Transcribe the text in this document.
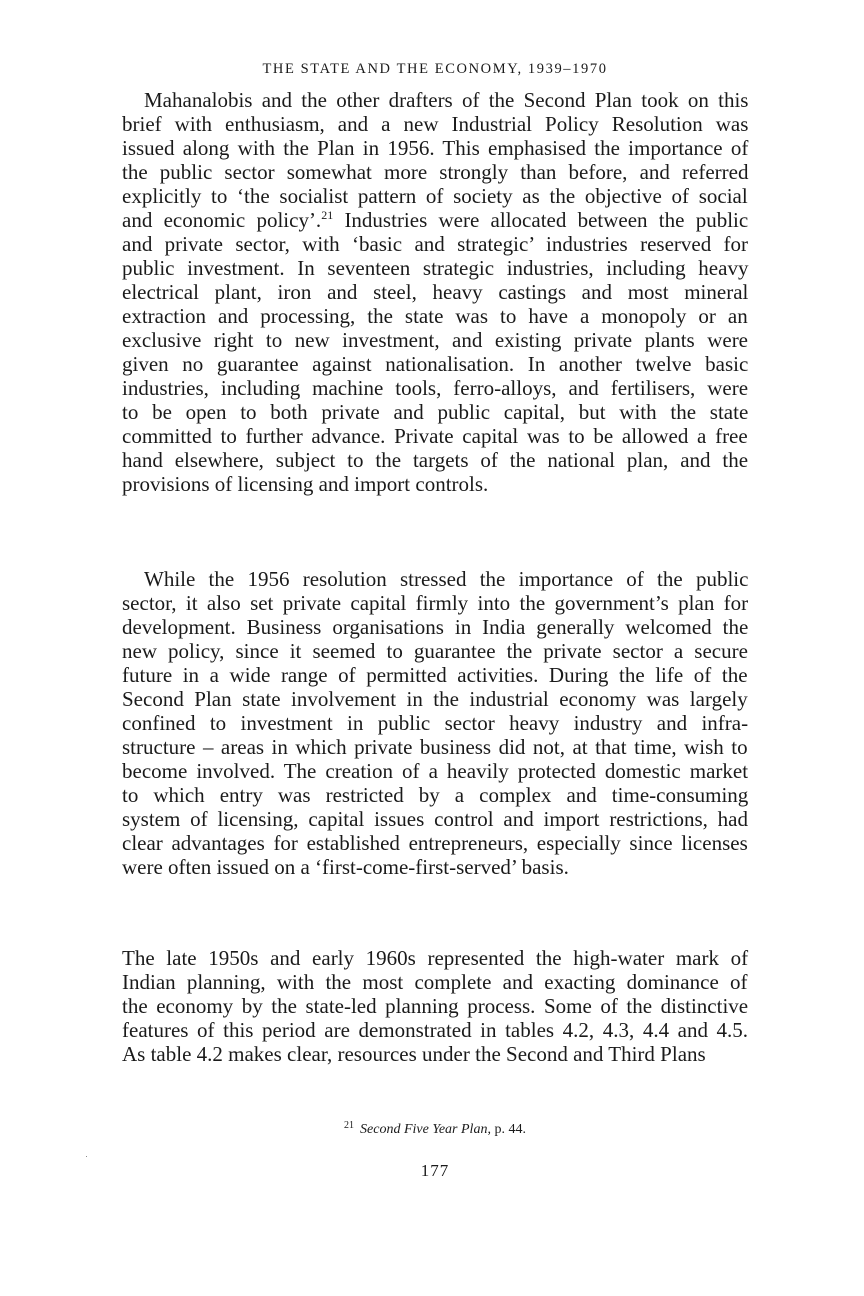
THE STATE AND THE ECONOMY, 1939–1970
Mahanalobis and the other drafters of the Second Plan took on this
brief with enthusiasm, and a new Industrial Policy Resolution was
issued along with the Plan in 1956. This emphasised the importance of
the public sector somewhat more strongly than before, and referred
explicitly to ‘the socialist pattern of society as the objective of social
and economic policy’.$^{21}$ Industries were allocated between the public
and private sector, with ‘basic and strategic’ industries reserved for
public investment. In seventeen strategic industries, including heavy
electrical plant, iron and steel, heavy castings and most mineral
extraction and processing, the state was to have a monopoly or an
exclusive right to new investment, and existing private plants were
given no guarantee against nationalisation. In another twelve basic
industries, including machine tools, ferro-alloys, and fertilisers, were
to be open to both private and public capital, but with the state
committed to further advance. Private capital was to be allowed a free
hand elsewhere, subject to the targets of the national plan, and the
provisions of licensing and import controls.
While the 1956 resolution stressed the importance of the public
sector, it also set private capital firmly into the government’s plan for
development. Business organisations in India generally welcomed the
new policy, since it seemed to guarantee the private sector a secure
future in a wide range of permitted activities. During the life of the
Second Plan state involvement in the industrial economy was largely
confined to investment in public sector heavy industry and infra-
structure – areas in which private business did not, at that time, wish to
become involved. The creation of a heavily protected domestic market
to which entry was restricted by a complex and time-consuming
system of licensing, capital issues control and import restrictions, had
clear advantages for established entrepreneurs, especially since licenses
were often issued on a ‘first-come-first-served’ basis.
The late 1950s and early 1960s represented the high-water mark of
Indian planning, with the most complete and exacting dominance of
the economy by the state-led planning process. Some of the distinctive
features of this period are demonstrated in tables 4.2, 4.3, 4.4 and 4.5.
As table 4.2 makes clear, resources under the Second and Third Plans
$^{21}$ Second Five Year Plan, p. 44.
177
